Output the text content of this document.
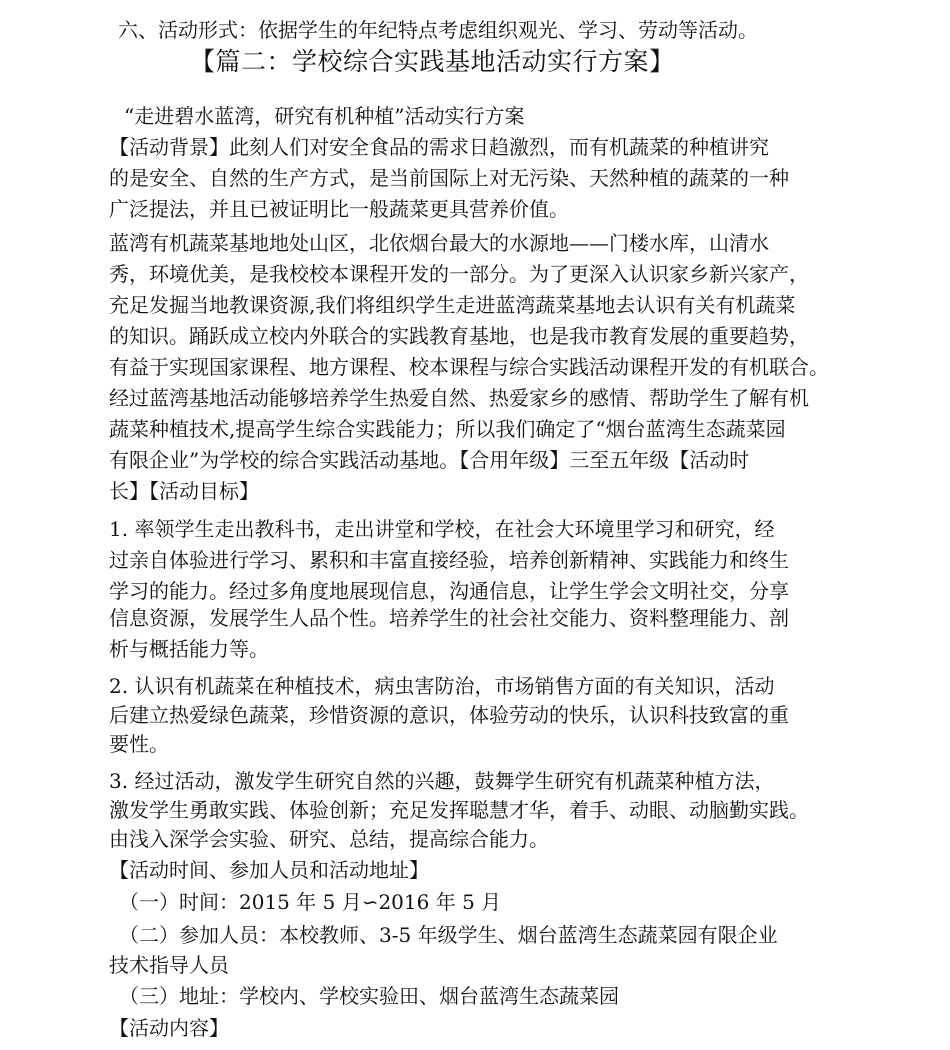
六、活动形式：依据学生的年纪特点考虑组织观光、学习、劳动等活动。
【篇二：学校综合实践基地活动实行方案】
“走进碧水蓝湾，研究有机种植”活动实行方案
【活动背景】此刻人们对安全食品的需求日趋激烈，而有机蔬菜的种植讲究
的是安全、自然的生产方式，是当前国际上对无污染、天然种植的蔬菜的一种
广泛提法，并且已被证明比一般蔬菜更具营养价值。
蓝湾有机蔬菜基地地处山区，北依烟台最大的水源地——门楼水库，山清水
秀，环境优美，是我校校本课程开发的一部分。为了更深入认识家乡新兴家产，
充足发掘当地教课资源,我们将组织学生走进蓝湾蔬菜基地去认识有关有机蔬菜
的知识。踊跃成立校内外联合的实践教育基地，也是我市教育发展的重要趋势，
有益于实现国家课程、地方课程、校本课程与综合实践活动课程开发的有机联合。
经过蓝湾基地活动能够培养学生热爱自然、热爱家乡的感情、帮助学生了解有机
蔬菜种植技术,提高学生综合实践能力；所以我们确定了“烟台蓝湾生态蔬菜园
有限企业”为学校的综合实践活动基地。【合用年级】三至五年级【活动时
长】【活动目标】
1. 率领学生走出教科书，走出讲堂和学校，在社会大环境里学习和研究，经
过亲自体验进行学习、累积和丰富直接经验，培养创新精神、实践能力和终生
学习的能力。经过多角度地展现信息，沟通信息，让学生学会文明社交，分享
信息资源，发展学生人品个性。培养学生的社会社交能力、资料整理能力、剖
析与概括能力等。
2. 认识有机蔬菜在种植技术，病虫害防治，市场销售方面的有关知识，活动
后建立热爱绿色蔬菜，珍惜资源的意识，体验劳动的快乐，认识科技致富的重
要性。
3. 经过活动，激发学生研究自然的兴趣，鼓舞学生研究有机蔬菜种植方法，
激发学生勇敢实践、体验创新；充足发挥聪慧才华，着手、动眼、动脑勤实践。
由浅入深学会实验、研究、总结，提高综合能力。
【活动时间、参加人员和活动地址】
　（一）时间：2015 年 5 月∽2016 年 5 月
　（二）参加人员：本校教师、3-5 年级学生、烟台蓝湾生态蔬菜园有限企业
技术指导人员
　（三）地址：学校内、学校实验田、烟台蓝湾生态蔬菜园
【活动内容】
